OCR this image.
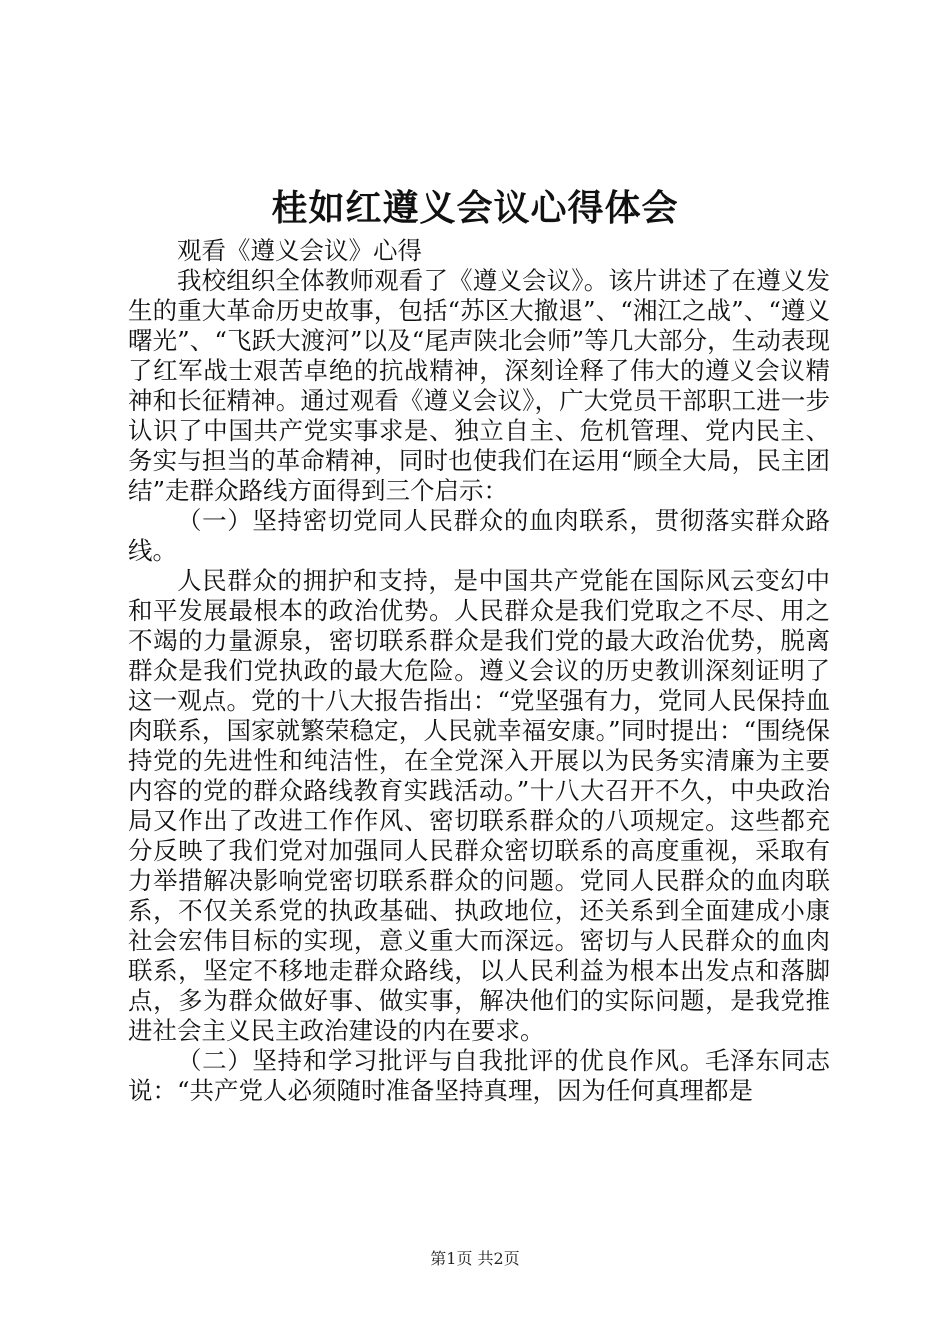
桂如红遵义会议心得体会

观看《遵义会议》心得

我校组织全体教师观看了《遵义会议》。该片讲述了在遵义发生的重大革命历史故事，包括“苏区大撤退”、“湘江之战”、“遵义曙光”、“飞跃大渡河”以及“尾声陕北会师”等几大部分，生动表现了红军战士艰苦卓绝的抗战精神，深刻诠释了伟大的遵义会议精神和长征精神。通过观看《遵义会议》，广大党员干部职工进一步认识了中国共产党实事求是、独立自主、危机管理、党内民主、务实与担当的革命精神，同时也使我们在运用“顾全大局，民主团结”走群众路线方面得到三个启示：

（一）坚持密切党同人民群众的血肉联系，贯彻落实群众路线。

人民群众的拥护和支持，是中国共产党能在国际风云变幻中和平发展最根本的政治优势。人民群众是我们党取之不尽、用之不竭的力量源泉，密切联系群众是我们党的最大政治优势，脱离群众是我们党执政的最大危险。遵义会议的历史教训深刻证明了这一观点。党的十八大报告指出：“党坚强有力，党同人民保持血肉联系，国家就繁荣稳定，人民就幸福安康。”同时提出：“围绕保持党的先进性和纯洁性，在全党深入开展以为民务实清廉为主要内容的党的群众路线教育实践活动。”十八大召开不久，中央政治局又作出了改进工作作风、密切联系群众的八项规定。这些都充分反映了我们党对加强同人民群众密切联系的高度重视，采取有力举措解决影响党密切联系群众的问题。党同人民群众的血肉联系，不仅关系党的执政基础、执政地位，还关系到全面建成小康社会宏伟目标的实现，意义重大而深远。密切与人民群众的血肉联系，坚定不移地走群众路线，以人民利益为根本出发点和落脚点，多为群众做好事、做实事，解决他们的实际问题，是我党推进社会主义民主政治建设的内在要求。

（二）坚持和学习批评与自我批评的优良作风。毛泽东同志说：“共产党人必须随时准备坚持真理，因为任何真理都是

第1页 共2页
